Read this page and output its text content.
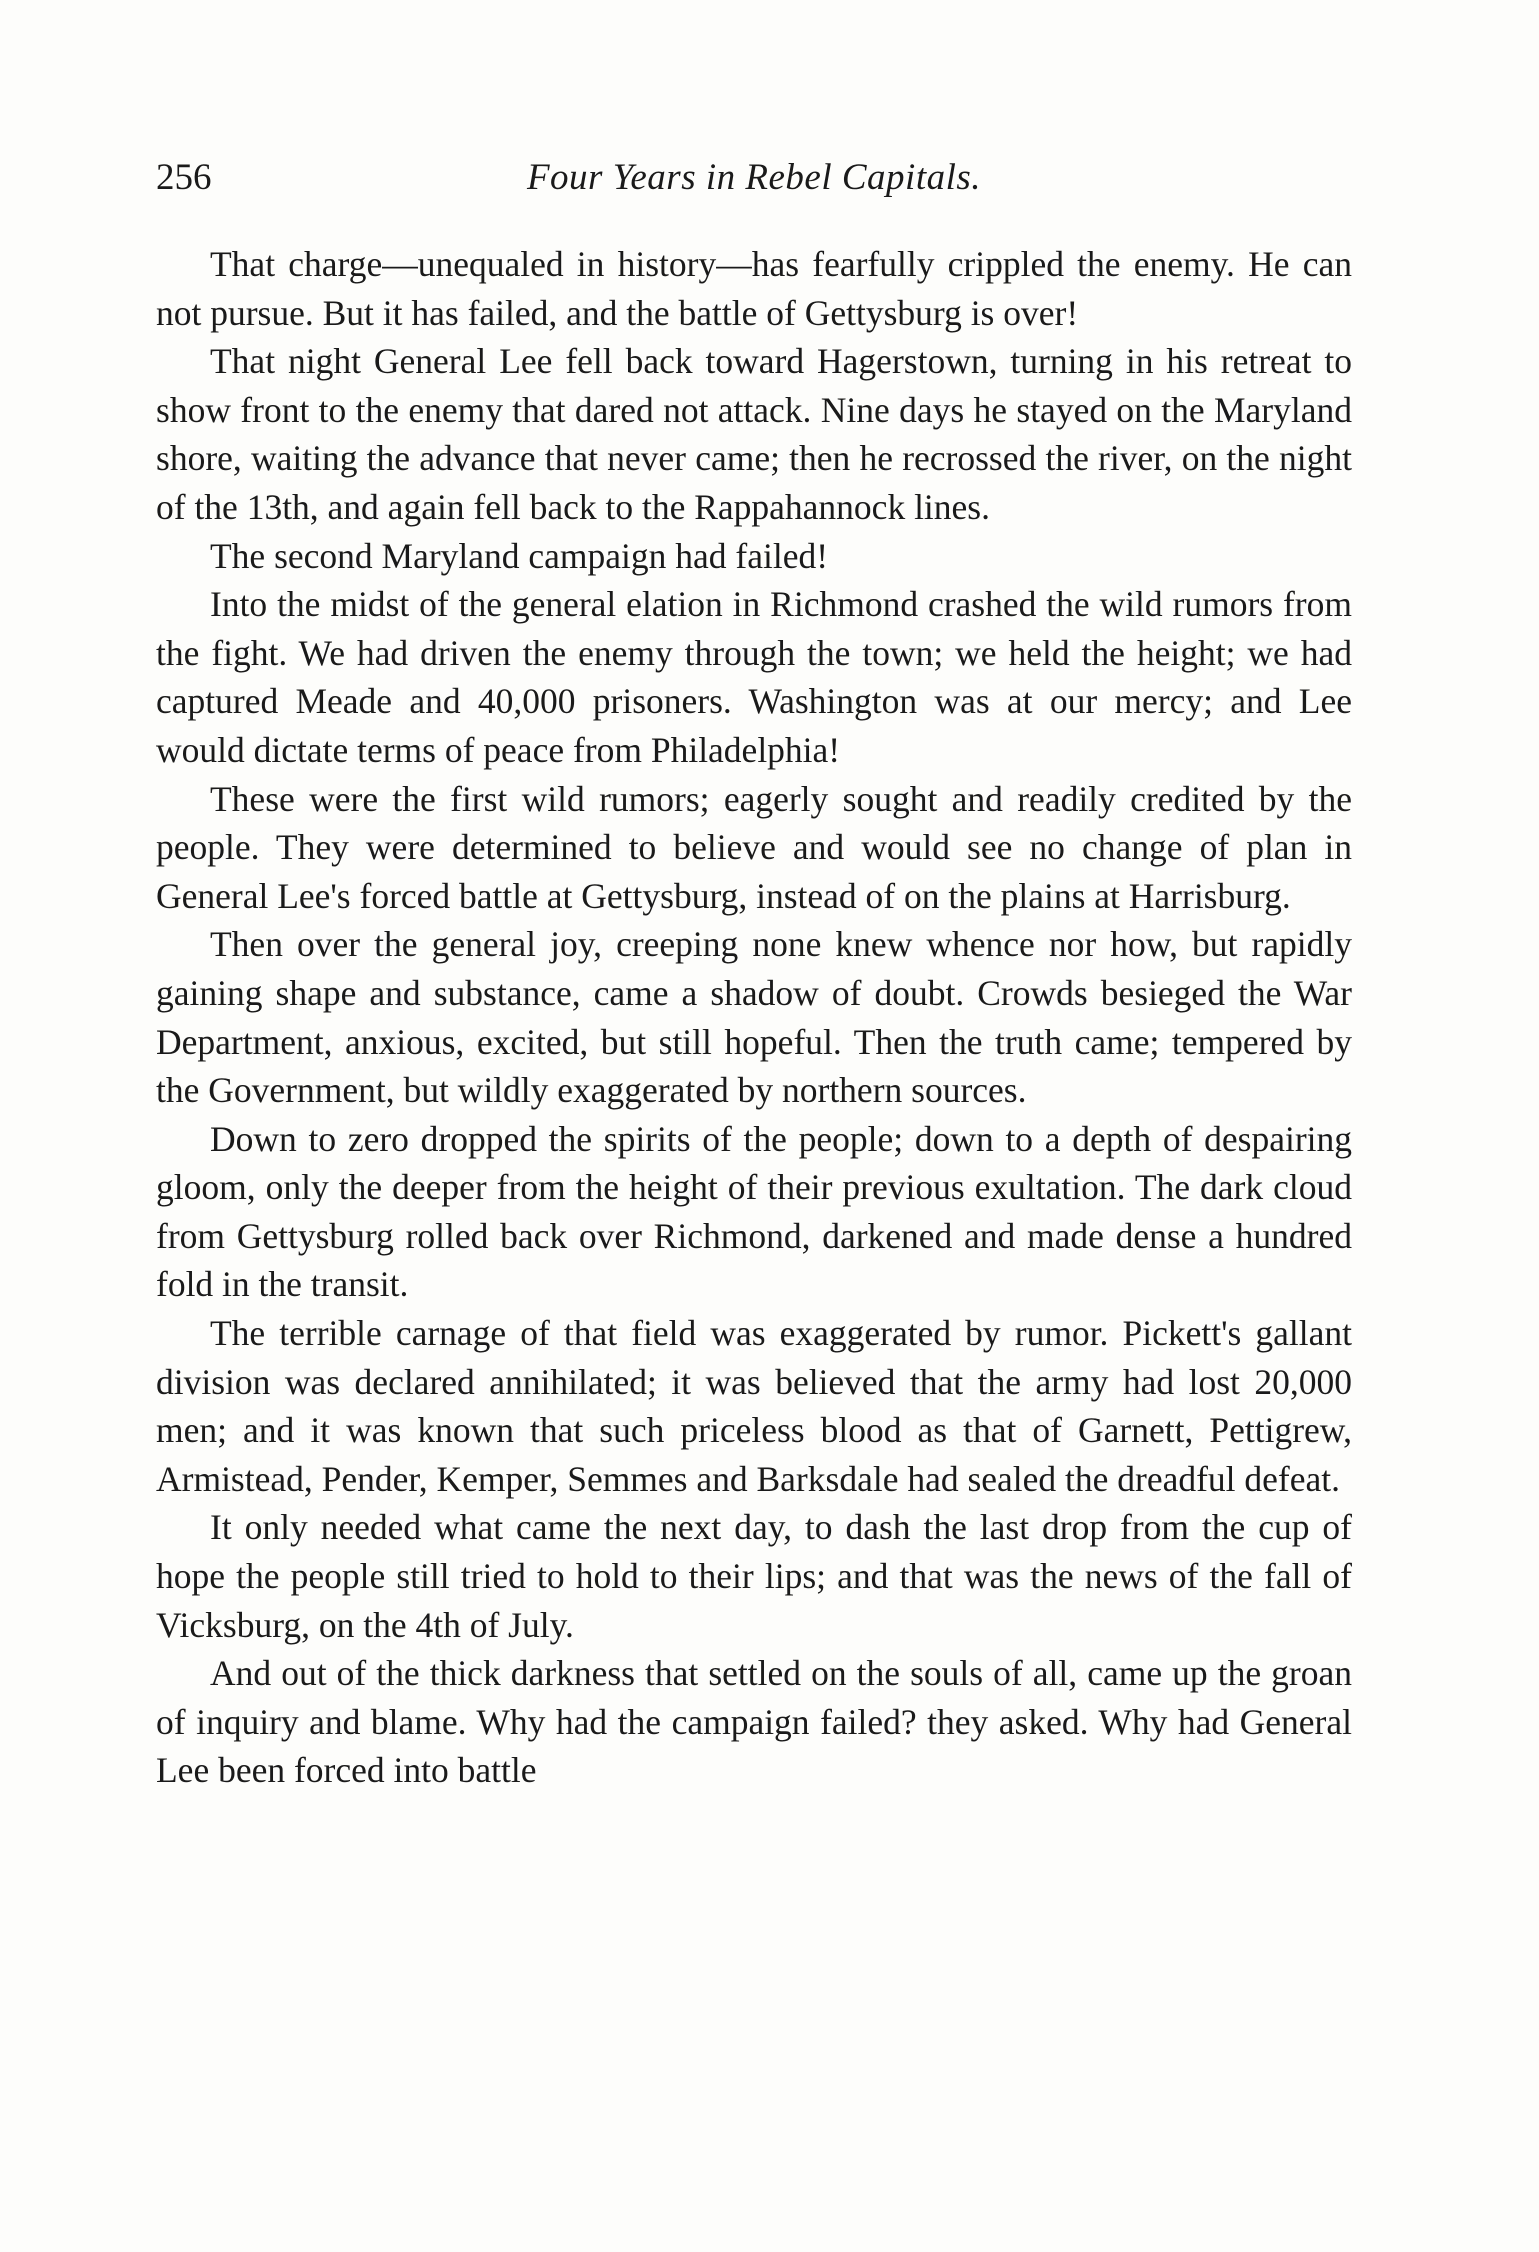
256	Four Years in Rebel Capitals.

That charge—unequaled in history—has fearfully crippled the enemy. He can not pursue. But it has failed, and the battle of Gettysburg is over!

That night General Lee fell back toward Hagerstown, turning in his retreat to show front to the enemy that dared not attack. Nine days he stayed on the Maryland shore, waiting the advance that never came; then he recrossed the river, on the night of the 13th, and again fell back to the Rappahannock lines.

The second Maryland campaign had failed!

Into the midst of the general elation in Richmond crashed the wild rumors from the fight. We had driven the enemy through the town; we held the height; we had captured Meade and 40,000 prisoners. Washington was at our mercy; and Lee would dictate terms of peace from Philadelphia!

These were the first wild rumors; eagerly sought and readily credited by the people. They were determined to believe and would see no change of plan in General Lee's forced battle at Gettysburg, instead of on the plains at Harrisburg.

Then over the general joy, creeping none knew whence nor how, but rapidly gaining shape and substance, came a shadow of doubt. Crowds besieged the War Department, anxious, excited, but still hopeful. Then the truth came; tempered by the Government, but wildly exaggerated by northern sources.

Down to zero dropped the spirits of the people; down to a depth of despairing gloom, only the deeper from the height of their previous exultation. The dark cloud from Gettysburg rolled back over Richmond, darkened and made dense a hundred fold in the transit.

The terrible carnage of that field was exaggerated by rumor. Pickett's gallant division was declared annihilated; it was believed that the army had lost 20,000 men; and it was known that such priceless blood as that of Garnett, Pettigrew, Armistead, Pender, Kemper, Semmes and Barksdale had sealed the dreadful defeat.

It only needed what came the next day, to dash the last drop from the cup of hope the people still tried to hold to their lips; and that was the news of the fall of Vicksburg, on the 4th of July.

And out of the thick darkness that settled on the souls of all, came up the groan of inquiry and blame. Why had the campaign failed? they asked. Why had General Lee been forced into battle
